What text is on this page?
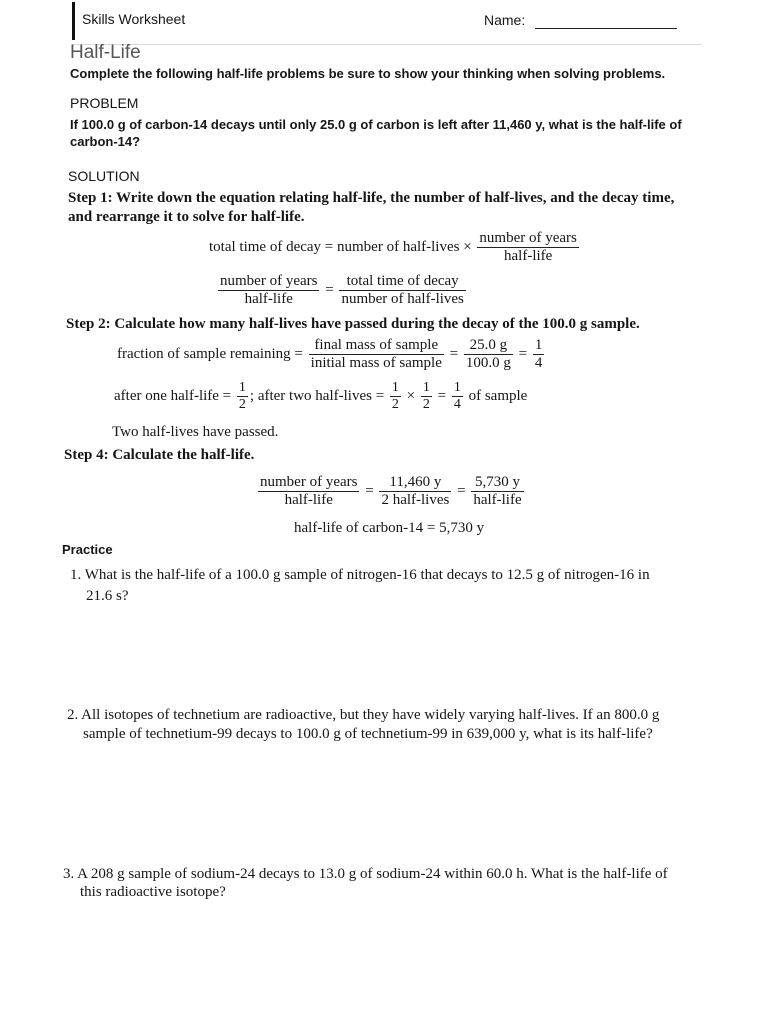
Skills Worksheet	Name:
Half-Life
Complete the following half-life problems be sure to show your thinking when solving problems.
PROBLEM
If 100.0 g of carbon-14 decays until only 25.0 g of carbon is left after 11,460 y, what is the half-life of
carbon-14?
SOLUTION
Step 1: Write down the equation relating half-life, the number of half-lives, and the decay time,
and rearrange it to solve for half-life.
total time of decay = number of half-lives × $\frac{\text{number of years}}{\text{half-life}}$
$\frac{\text{number of years}}{\text{half-life}} = \frac{\text{total time of decay}}{\text{number of half-lives}}$
Step 2: Calculate how many half-lives have passed during the decay of the 100.0 g sample.
fraction of sample remaining = $\frac{\text{final mass of sample}}{\text{initial mass of sample}} = \frac{25.0 g}{100.0 g} = \frac{1}{4}$
after one half-life = $\frac{1}{2}$ ; after two half-lives = $\frac{1}{2} \times \frac{1}{2} = \frac{1}{4}$ of sample
Two half-lives have passed.
Step 4: Calculate the half-life.
$\frac{\text{number of years}}{\text{half-life}} = \frac{11,460 y}{\text{2 half-lives}} = \frac{5,730 y}{\text{half-life}}$
half-life of carbon-14 = 5,730 y
Practice
1. What is the half-life of a 100.0 g sample of nitrogen-16 that decays to 12.5 g of nitrogen-16 in
21.6 s?
2. All isotopes of technetium are radioactive, but they have widely varying half-lives. If an 800.0 g
sample of technetium-99 decays to 100.0 g of technetium-99 in 639,000 y, what is its half-life?
3. A 208 g sample of sodium-24 decays to 13.0 g of sodium-24 within 60.0 h. What is the half-life of
this radioactive isotope?
